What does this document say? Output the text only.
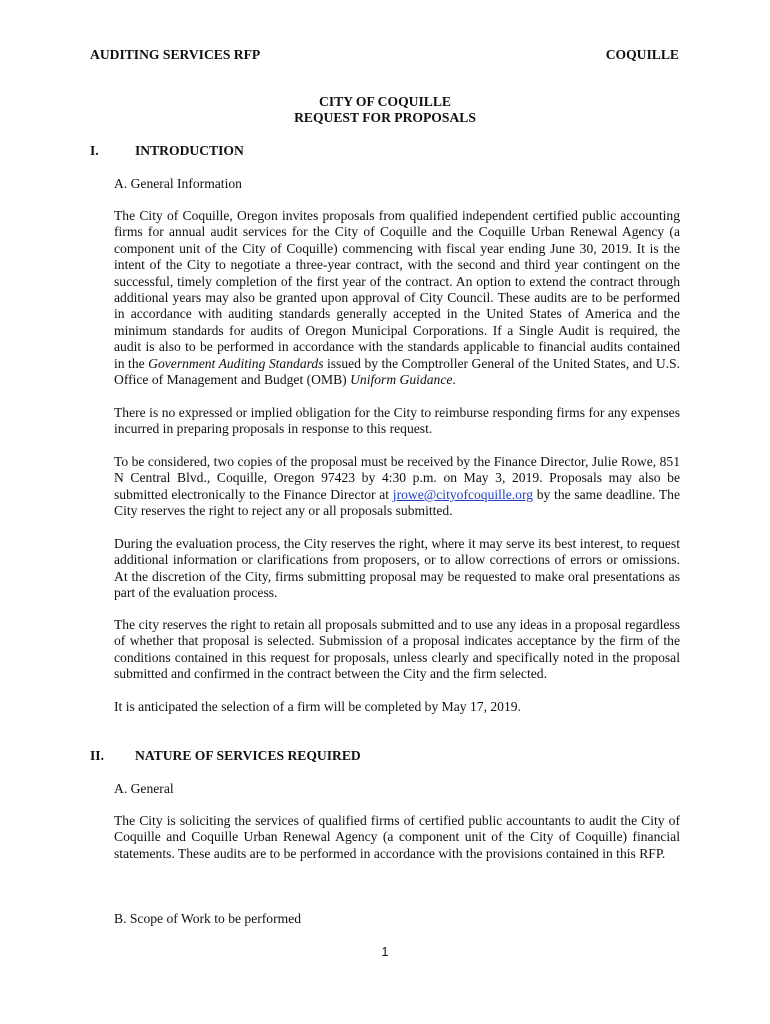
AUDITING SERVICES RFP	COQUILLE
CITY OF COQUILLE
REQUEST FOR PROPOSALS
I.	INTRODUCTION
A. General Information

The City of Coquille, Oregon invites proposals from qualified independent certified public accounting firms for annual audit services for the City of Coquille and the Coquille Urban Renewal Agency (a component unit of the City of Coquille) commencing with fiscal year ending June 30, 2019. It is the intent of the City to negotiate a three-year contract, with the second and third year contingent on the successful, timely completion of the first year of the contract. An option to extend the contract through additional years may also be granted upon approval of City Council. These audits are to be performed in accordance with auditing standards generally accepted in the United States of America and the minimum standards for audits of Oregon Municipal Corporations. If a Single Audit is required, the audit is also to be performed in accordance with the standards applicable to financial audits contained in the Government Auditing Standards issued by the Comptroller General of the United States, and U.S. Office of Management and Budget (OMB) Uniform Guidance.

There is no expressed or implied obligation for the City to reimburse responding firms for any expenses incurred in preparing proposals in response to this request.

To be considered, two copies of the proposal must be received by the Finance Director, Julie Rowe, 851 N Central Blvd., Coquille, Oregon 97423 by 4:30 p.m. on May 3, 2019. Proposals may also be submitted electronically to the Finance Director at jrowe@cityofcoquille.org by the same deadline. The City reserves the right to reject any or all proposals submitted.

During the evaluation process, the City reserves the right, where it may serve its best interest, to request additional information or clarifications from proposers, or to allow corrections of errors or omissions. At the discretion of the City, firms submitting proposal may be requested to make oral presentations as part of the evaluation process.

The city reserves the right to retain all proposals submitted and to use any ideas in a proposal regardless of whether that proposal is selected. Submission of a proposal indicates acceptance by the firm of the conditions contained in this request for proposals, unless clearly and specifically noted in the proposal submitted and confirmed in the contract between the City and the firm selected.

It is anticipated the selection of a firm will be completed by May 17, 2019.

II. NATURE OF SERVICES REQUIRED
A. General

The City is soliciting the services of qualified firms of certified public accountants to audit the City of Coquille and Coquille Urban Renewal Agency (a component unit of the City of Coquille) financial statements. These audits are to be performed in accordance with the provisions contained in this RFP.

B. Scope of Work to be performed
1
